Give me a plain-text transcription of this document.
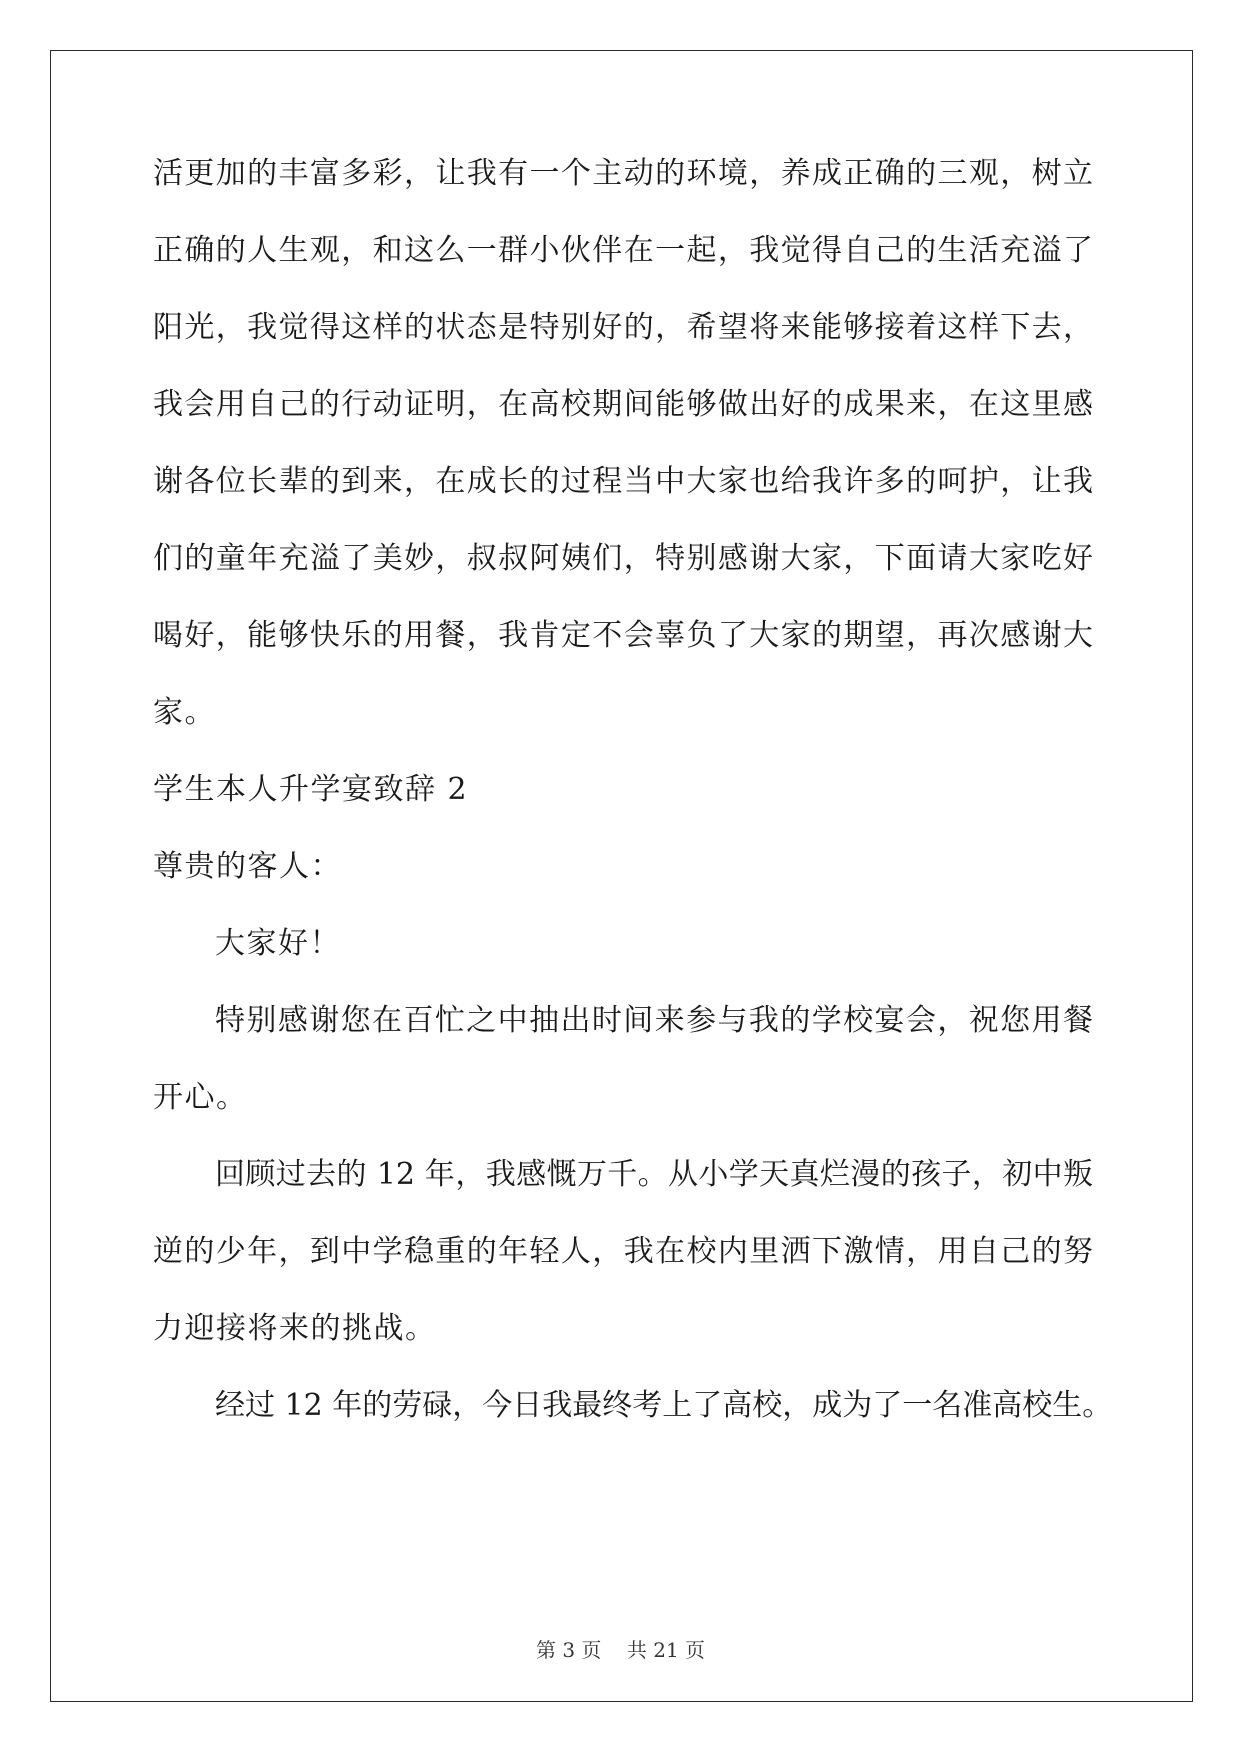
活更加的丰富多彩，让我有一个主动的环境，养成正确的三观，树立

正确的人生观，和这么一群小伙伴在一起，我觉得自己的生活充溢了

阳光，我觉得这样的状态是特别好的，希望将来能够接着这样下去，

我会用自己的行动证明，在高校期间能够做出好的成果来，在这里感

谢各位长辈的到来，在成长的过程当中大家也给我许多的呵护，让我

们的童年充溢了美妙，叔叔阿姨们，特别感谢大家，下面请大家吃好

喝好，能够快乐的用餐，我肯定不会辜负了大家的期望，再次感谢大

家。

学生本人升学宴致辞 2

尊贵的客人：

大家好！

特别感谢您在百忙之中抽出时间来参与我的学校宴会，祝您用餐

开心。

回顾过去的 12 年，我感慨万千。从小学天真烂漫的孩子，初中叛

逆的少年，到中学稳重的年轻人，我在校内里洒下激情，用自己的努

力迎接将来的挑战。

经过 12 年的劳碌，今日我最终考上了高校，成为了一名准高校生。

第 3 页 共 21 页
